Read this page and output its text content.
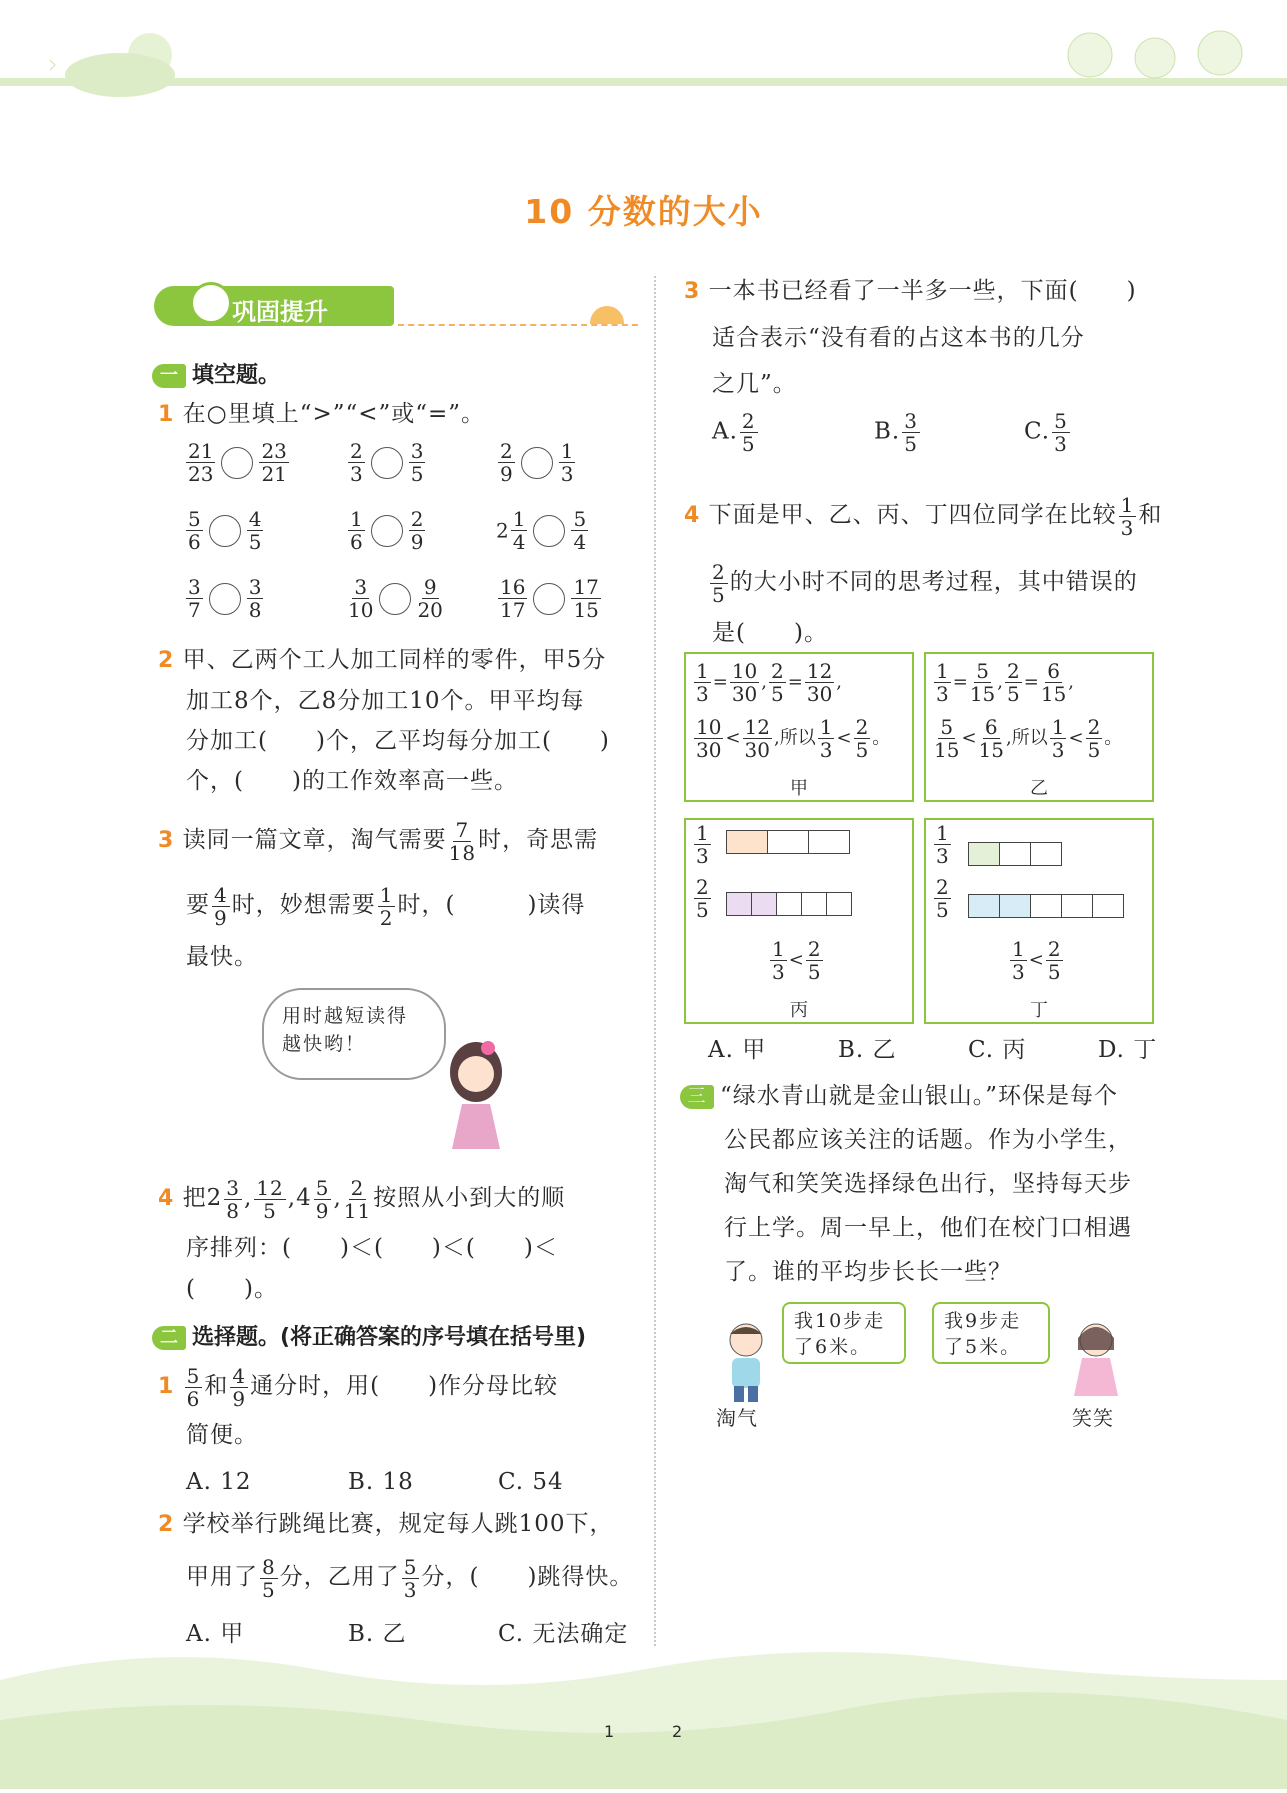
10 分数的大小
巩固提升
一 填空题。
1 在○里填上“>”“<”或“=”。
$\frac{21}{23} \frac{23}{21}$	$\frac{2}{3} \frac{3}{5}$	$\frac{2}{9} \frac{1}{3}$
$\frac{5}{6} \frac{4}{5}$	$\frac{1}{6} \frac{2}{9}$	$2 \frac{1}{4} \frac{5}{4}$
$\frac{3}{7} \frac{3}{8}$	$\frac{3}{10} \frac{9}{20}$	$\frac{16}{17} \frac{17}{15}$
2 甲、乙两个工人加工同样的零件，甲5分
加工8个，乙8分加工10个。甲平均每
分加工(　　)个，乙平均每分加工(　　)
个，(　　)的工作效率高一些。
3 读同一篇文章，淘气需要 $\frac{7}{18}$ 时，奇思需
要 $\frac{4}{9}$ 时，妙想需要 $\frac{1}{2}$ 时，(　　　)读得
最快。
用时越短读得
越快哟！
4 把$2 \frac{3}{8}$ , $\frac{12}{5} ,4 \frac{5}{9}$ , $\frac{2}{11}$ 按照从小到大的顺
序排列：(　　)＜(　　)＜(　　)＜
(　　)。
二 选择题。(将正确答案的序号填在括号里)
$1 \frac{5}{6}$ 和 $\frac{4}{9}$ 通分时，用(　　)作分母比较
简便。
A. 12	B. 18	C. 54
2 学校举行跳绳比赛，规定每人跳100下，
甲用了 $\frac{8}{5}$ 分，乙用了 $\frac{5}{3}$ 分，(　　)跳得快。
A. 甲	B. 乙	C. 无法确定
3 一本书已经看了一半多一些，下面(　　)
适合表示“没有看的占这本书的几分
之几”。
A. $\frac{2}{5}$	B. $\frac{3}{5}$	C. $\frac{5}{3}$
4 下面是甲、乙、丙、丁四位同学在比较 $\frac{1}{3}$ 和
$\frac{2}{5}$ 的大小时不同的思考过程，其中错误的
是(　　)。
$\frac{1}{3} = \frac{10}{30}$ , $\frac{2}{5} = \frac{12}{30}$ ,
$\frac{10}{30} < \frac{12}{30}$ ,所以 $\frac{1}{3} < \frac{2}{5}$ 。
甲
$\frac{1}{3} = \frac{5}{15}$ , $\frac{2}{5} = \frac{6}{15}$ ,
$\frac{5}{15} < \frac{6}{15}$ ,所以 $\frac{1}{3} < \frac{2}{5}$ 。
乙
$\frac{1}{3}$
$\frac{2}{5}$
$\frac{1}{3} < \frac{2}{5}$
丙
$\frac{1}{3}$
$\frac{2}{5}$
$\frac{1}{3} < \frac{2}{5}$
丁
A. 甲	B. 乙	C. 丙	D. 丁
三 “绿水青山就是金山银山。”环保是每个
公民都应该关注的话题。作为小学生，
淘气和笑笑选择绿色出行，坚持每天步
行上学。周一早上，他们在校门口相遇
了。谁的平均步长长一些？
我10步走
了6米。
我9步走
了5米。
淘气	笑笑
1	2
